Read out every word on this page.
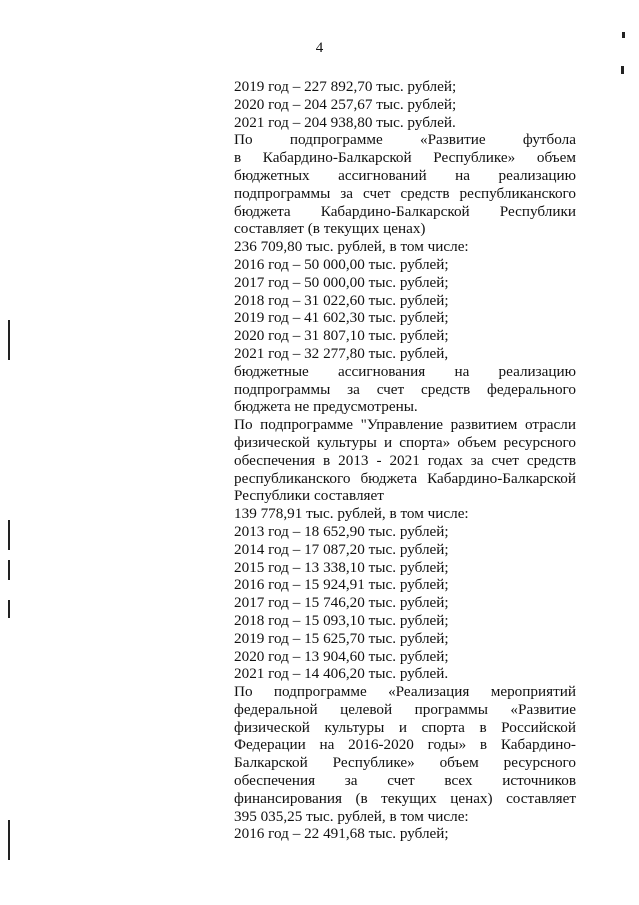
4
2019 год – 227 892,70 тыс. рублей;
2020 год – 204 257,67 тыс. рублей;
2021 год – 204 938,80 тыс. рублей.
По подпрограмме «Развитие футбола
в Кабардино-Балкарской Республике» объем
бюджетных ассигнований на реализацию
подпрограммы за счет средств республиканского
бюджета Кабардино-Балкарской Республики
составляет (в текущих ценах)
236 709,80 тыс. рублей, в том числе:
2016 год – 50 000,00 тыс. рублей;
2017 год – 50 000,00 тыс. рублей;
2018 год – 31 022,60 тыс. рублей;
2019 год – 41 602,30 тыс. рублей;
2020 год – 31 807,10 тыс. рублей;
2021 год – 32 277,80 тыс. рублей,
бюджетные ассигнования на реализацию
подпрограммы за счет средств федерального
бюджета не предусмотрены.
По подпрограмме "Управление развитием отрасли
физической культуры и спорта» объем ресурсного
обеспечения в 2013 - 2021 годах за счет средств
республиканского бюджета Кабардино-Балкарской
Республики составляет
139 778,91 тыс. рублей, в том числе:
2013 год – 18 652,90 тыс. рублей;
2014 год – 17 087,20 тыс. рублей;
2015 год – 13 338,10 тыс. рублей;
2016 год – 15 924,91 тыс. рублей;
2017 год – 15 746,20 тыс. рублей;
2018 год – 15 093,10 тыс. рублей;
2019 год – 15 625,70 тыс. рублей;
2020 год – 13 904,60 тыс. рублей;
2021 год – 14 406,20 тыс. рублей.
По подпрограмме «Реализация мероприятий
федеральной целевой программы «Развитие
физической культуры и спорта в Российской
Федерации на 2016-2020 годы» в Кабардино-
Балкарской Республике» объем ресурсного
обеспечения за счет всех источников
финансирования (в текущих ценах) составляет
395 035,25 тыс. рублей, в том числе:
2016 год – 22 491,68 тыс. рублей;
